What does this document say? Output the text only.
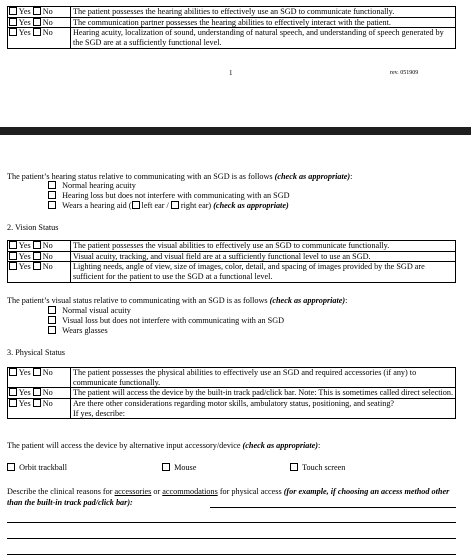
Yes No	The patient possesses the hearing abilities to effectively use an SGD to communicate functionally.
Yes No	The communication partner possesses the hearing abilities to effectively interact with the patient.
Yes No	Hearing acuity, localization of sound, understanding of natural speech, and understanding of speech generated by the SGD are at a sufficiently functional level.
1	rev. 051909
The patient’s hearing status relative to communicating with an SGD is as follows (check as appropriate):
Normal hearing acuity
Hearing loss but does not interfere with communicating with an SGD
Wears a hearing aid ( left ear /  right ear) (check as appropriate)
2. Vision Status
Yes No	The patient possesses the visual abilities to effectively use an SGD to communicate functionally.
Yes No	Visual acuity, tracking, and visual field are at a sufficiently functional level to use an SGD.
Yes No	Lighting needs, angle of view, size of images, color, detail, and spacing of images provided by the SGD are sufficient for the patient to use the SGD at a functional level.
The patient’s visual status relative to communicating with an SGD is as follows (check as appropriate):
Normal visual acuity
Visual loss but does not interfere with communicating with an SGD
Wears glasses
3. Physical Status
Yes No	The patient possesses the physical abilities to effectively use an SGD and required accessories (if any) to communicate functionally.
Yes No	The patient will access the device by the built-in track pad/click bar. Note: This is sometimes called direct selection.
Yes No	Are there other considerations regarding motor skills, ambulatory status, positioning, and seating?
If yes, describe:
The patient will access the device by alternative input accessory/device (check as appropriate):
Orbit trackball	Mouse	Touch screen
Describe the clinical reasons for accessories or accommodations for physical access (for example, if choosing an access method other than the built-in track pad/click bar):
